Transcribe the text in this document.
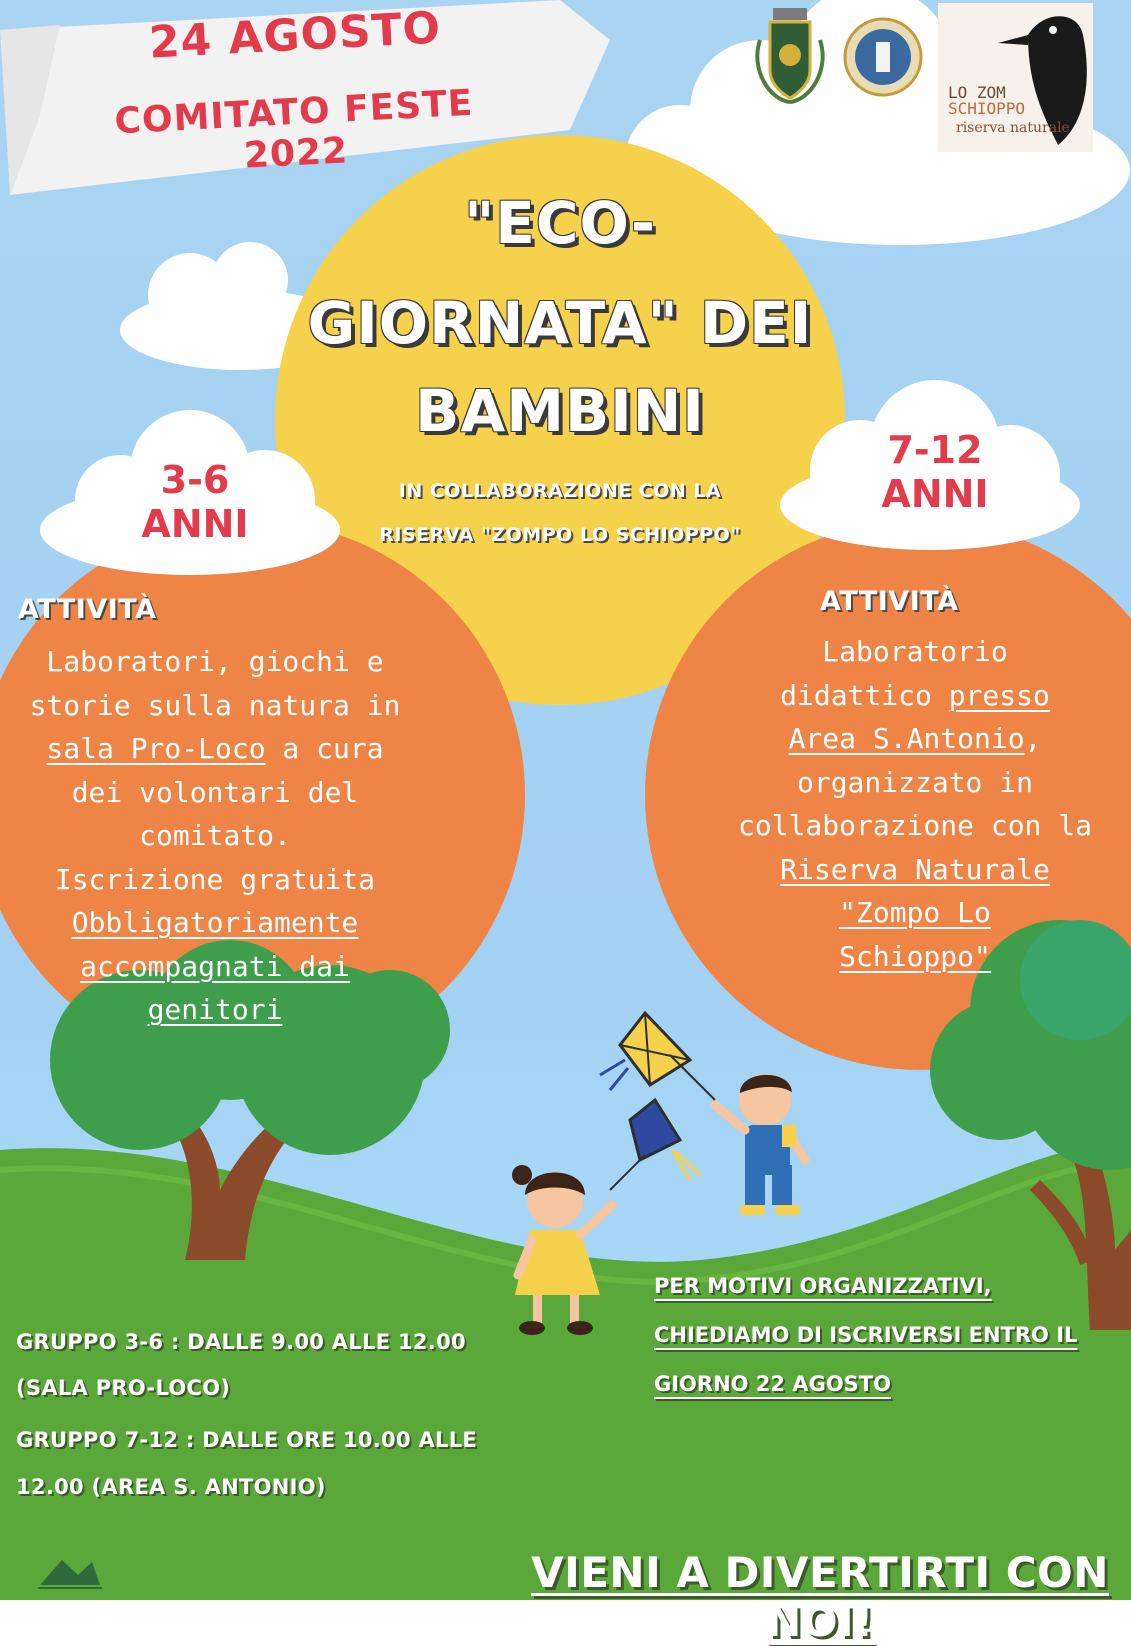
LO ZOM
SCHIOPPO
riserva naturale
24 AGOSTO
COMITATO FESTE 2022
"ECO-
GIORNATA" DEI
BAMBINI
IN COLLABORAZIONE CON LA
RISERVA "ZOMPO LO SCHIOPPO"
3-6
ANNI
7-12
ANNI
ATTIVITÀ	ATTIVITÀ
Laboratori, giochi e
storie sulla natura in
sala Pro-Loco a cura
dei volontari del
comitato.
Iscrizione gratuita
Obbligatoriamente
accompagnati dai
genitori
Laboratorio
didattico presso
Area S.Antonio,
organizzato in
collaborazione con la
Riserva Naturale
"Zompo Lo
Schioppo"
GRUPPO 3-6 : DALLE 9.00 ALLE 12.00
(SALA PRO-LOCO)
GRUPPO 7-12 : DALLE ORE 10.00 ALLE
12.00 (AREA S. ANTONIO)
PER MOTIVI ORGANIZZATIVI,
CHIEDIAMO DI ISCRIVERSI ENTRO IL
GIORNO 22 AGOSTO
VIENI A DIVERTIRTI CON NOI!
